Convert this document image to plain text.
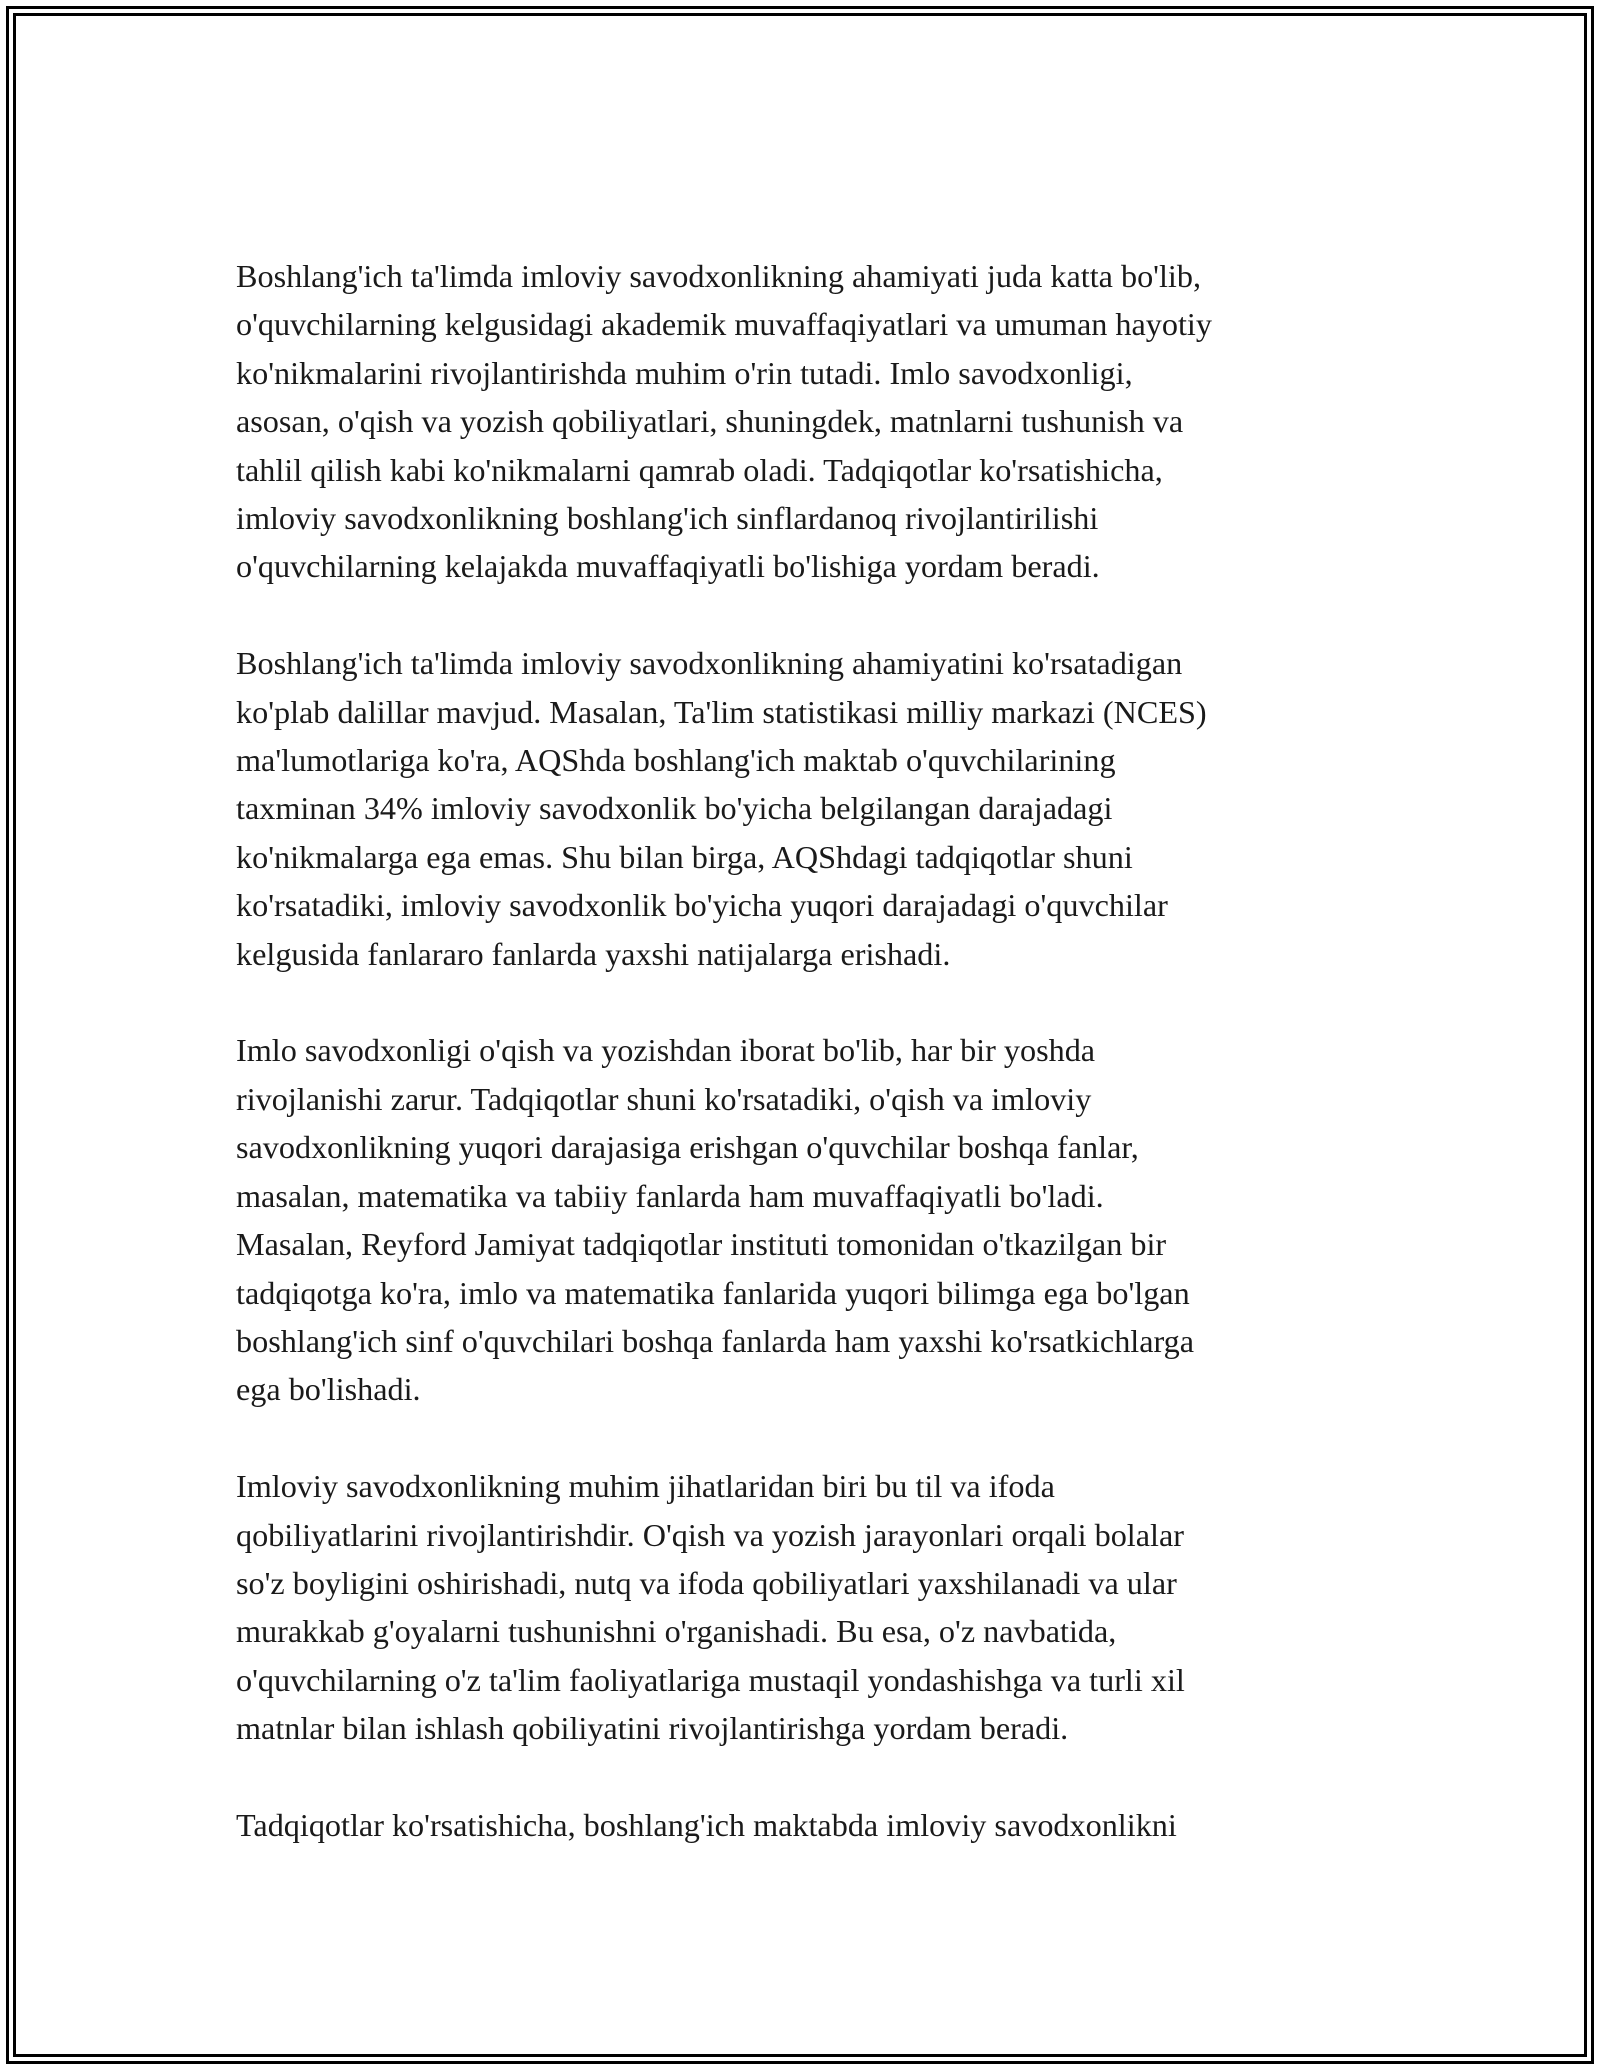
Boshlang'ich ta'limda imloviy savodxonlikning ahamiyati juda katta bo'lib,
o'quvchilarning kelgusidagi akademik muvaffaqiyatlari va umuman hayotiy
ko'nikmalarini rivojlantirishda muhim o'rin tutadi. Imlo savodxonligi,
asosan, o'qish va yozish qobiliyatlari, shuningdek, matnlarni tushunish va
tahlil qilish kabi ko'nikmalarni qamrab oladi. Tadqiqotlar ko'rsatishicha,
imloviy savodxonlikning boshlang'ich sinflardanoq rivojlantirilishi
o'quvchilarning kelajakda muvaffaqiyatli bo'lishiga yordam beradi.

Boshlang'ich ta'limda imloviy savodxonlikning ahamiyatini ko'rsatadigan
ko'plab dalillar mavjud. Masalan, Ta'lim statistikasi milliy markazi (NCES)
ma'lumotlariga ko'ra, AQShda boshlang'ich maktab o'quvchilarining
taxminan 34% imloviy savodxonlik bo'yicha belgilangan darajadagi
ko'nikmalarga ega emas. Shu bilan birga, AQShdagi tadqiqotlar shuni
ko'rsatadiki, imloviy savodxonlik bo'yicha yuqori darajadagi o'quvchilar
kelgusida fanlararo fanlarda yaxshi natijalarga erishadi.

Imlo savodxonligi o'qish va yozishdan iborat bo'lib, har bir yoshda
rivojlanishi zarur. Tadqiqotlar shuni ko'rsatadiki, o'qish va imloviy
savodxonlikning yuqori darajasiga erishgan o'quvchilar boshqa fanlar,
masalan, matematika va tabiiy fanlarda ham muvaffaqiyatli bo'ladi.
Masalan, Reyford Jamiyat tadqiqotlar instituti tomonidan o'tkazilgan bir
tadqiqotga ko'ra, imlo va matematika fanlarida yuqori bilimga ega bo'lgan
boshlang'ich sinf o'quvchilari boshqa fanlarda ham yaxshi ko'rsatkichlarga
ega bo'lishadi.

Imloviy savodxonlikning muhim jihatlaridan biri bu til va ifoda
qobiliyatlarini rivojlantirishdir. O'qish va yozish jarayonlari orqali bolalar
so'z boyligini oshirishadi, nutq va ifoda qobiliyatlari yaxshilanadi va ular
murakkab g'oyalarni tushunishni o'rganishadi. Bu esa, o'z navbatida,
o'quvchilarning o'z ta'lim faoliyatlariga mustaqil yondashishga va turli xil
matnlar bilan ishlash qobiliyatini rivojlantirishga yordam beradi.

Tadqiqotlar ko'rsatishicha, boshlang'ich maktabda imloviy savodxonlikni
